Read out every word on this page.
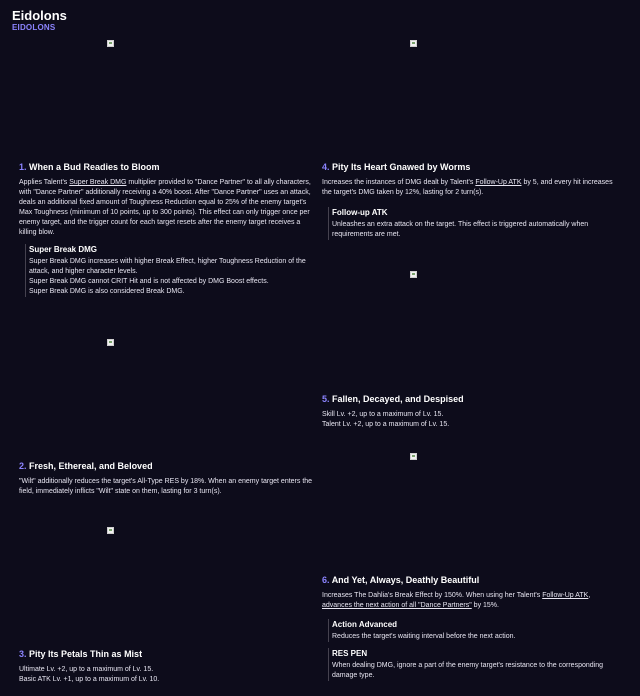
Eidolons
EIDOLONS
1. When a Bud Readies to Bloom

Applies Talent's Super Break DMG multiplier provided to "Dance Partner" to all ally characters, with "Dance Partner" additionally receiving a 40% boost. After "Dance Partner" uses an attack, deals an additional fixed amount of Toughness Reduction equal to 25% of the enemy target's Max Toughness (minimum of 10 points, up to 300 points). This effect can only trigger once per enemy target, and the trigger count for each target resets after the enemy target receives a killing blow.

Super Break DMG
Super Break DMG increases with higher Break Effect, higher Toughness Reduction of the attack, and higher character levels.
Super Break DMG cannot CRIT Hit and is not affected by DMG Boost effects.
Super Break DMG is also considered Break DMG.
2. Fresh, Ethereal, and Beloved

"Wilt" additionally reduces the target's All-Type RES by 18%. When an enemy target enters the field, immediately inflicts "Wilt" state on them, lasting for 3 turn(s).

3. Pity Its Petals Thin as Mist
Ultimate Lv. +2, up to a maximum of Lv. 15.
Basic ATK Lv. +1, up to a maximum of Lv. 10.
4. Pity Its Heart Gnawed by Worms

Increases the instances of DMG dealt by Talent's Follow-Up ATK by 5, and every hit increases the target's DMG taken by 12%, lasting for 2 turn(s).

Follow-up ATK
Unleashes an extra attack on the target. This effect is triggered automatically when requirements are met.
5. Fallen, Decayed, and Despised
Skill Lv. +2, up to a maximum of Lv. 15.
Talent Lv. +2, up to a maximum of Lv. 15.
6. And Yet, Always, Deathly Beautiful

Increases The Dahlia's Break Effect by 150%. When using her Talent's Follow-Up ATK, advances the next action of all "Dance Partners" by 15%.

Action Advanced
Reduces the target's waiting interval before the next action.
RES PEN
When dealing DMG, ignore a part of the enemy target's resistance to the corresponding damage type.
